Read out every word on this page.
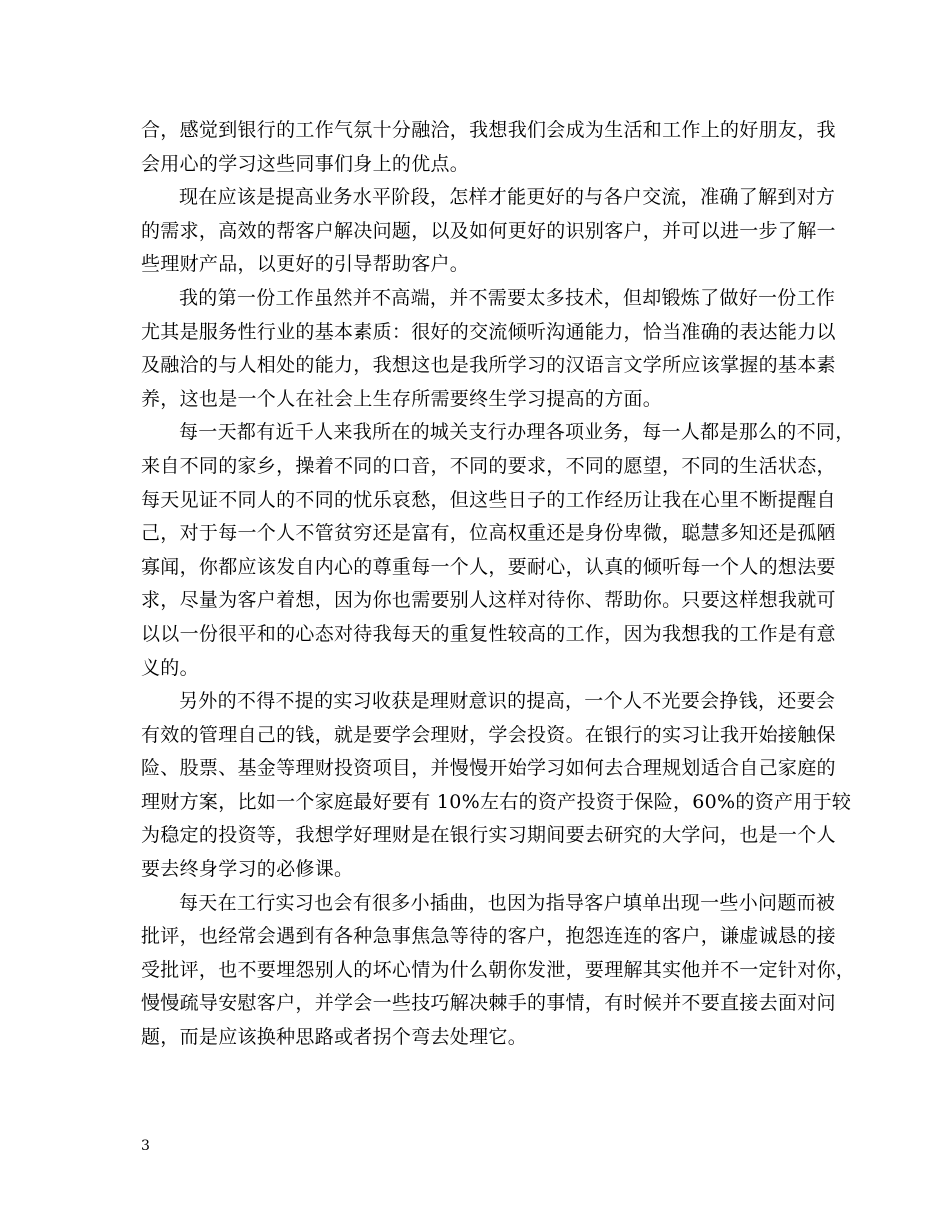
合，感觉到银行的工作气氛十分融洽，我想我们会成为生活和工作上的好朋友，我
会用心的学习这些同事们身上的优点。
现在应该是提高业务水平阶段，怎样才能更好的与各户交流，准确了解到对方
的需求，高效的帮客户解决问题，以及如何更好的识别客户，并可以进一步了解一
些理财产品，以更好的引导帮助客户。
我的第一份工作虽然并不高端，并不需要太多技术，但却锻炼了做好一份工作
尤其是服务性行业的基本素质：很好的交流倾听沟通能力，恰当准确的表达能力以
及融洽的与人相处的能力，我想这也是我所学习的汉语言文学所应该掌握的基本素
养，这也是一个人在社会上生存所需要终生学习提高的方面。
每一天都有近千人来我所在的城关支行办理各项业务，每一人都是那么的不同，
来自不同的家乡，操着不同的口音，不同的要求，不同的愿望，不同的生活状态，
每天见证不同人的不同的忧乐哀愁，但这些日子的工作经历让我在心里不断提醒自
己，对于每一个人不管贫穷还是富有，位高权重还是身份卑微，聪慧多知还是孤陋
寡闻，你都应该发自内心的尊重每一个人，要耐心，认真的倾听每一个人的想法要
求，尽量为客户着想，因为你也需要别人这样对待你、帮助你。只要这样想我就可
以以一份很平和的心态对待我每天的重复性较高的工作，因为我想我的工作是有意
义的。
另外的不得不提的实习收获是理财意识的提高，一个人不光要会挣钱，还要会
有效的管理自己的钱，就是要学会理财，学会投资。在银行的实习让我开始接触保
险、股票、基金等理财投资项目，并慢慢开始学习如何去合理规划适合自己家庭的
理财方案，比如一个家庭最好要有 10%左右的资产投资于保险，60%的资产用于较
为稳定的投资等，我想学好理财是在银行实习期间要去研究的大学问，也是一个人
要去终身学习的必修课。
每天在工行实习也会有很多小插曲，也因为指导客户填单出现一些小问题而被
批评，也经常会遇到有各种急事焦急等待的客户，抱怨连连的客户，谦虚诚恳的接
受批评，也不要埋怨别人的坏心情为什么朝你发泄，要理解其实他并不一定针对你，
慢慢疏导安慰客户，并学会一些技巧解决棘手的事情，有时候并不要直接去面对问
题，而是应该换种思路或者拐个弯去处理它。
3
